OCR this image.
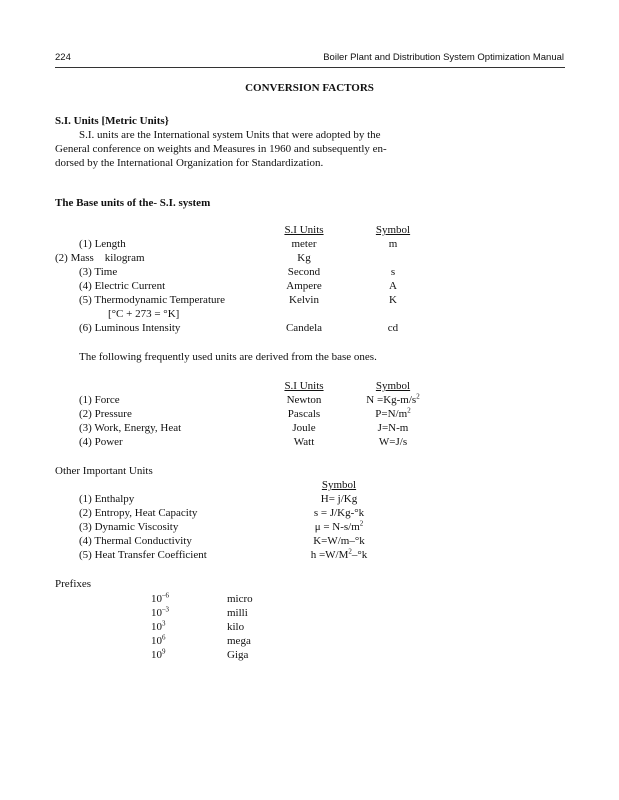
224	Boiler Plant and Distribution System Optimization Manual
CONVERSION FACTORS
S.I. Units [Metric Units}
S.I. units are the International system Units that were adopted by the
General conference on weights and Measures in 1960 and subsequently en-
dorsed by the International Organization for Standardization.
The Base units of the- S.I. system
S.I Units	Symbol
(1) Length	meter	m
(2) Mass    kilogram	Kg
(3) Time	Second	s
(4) Electric Current	Ampere	A
(5) Thermodynamic Temperature	Kelvin	K
[°C + 273 = °K]
(6) Luminous Intensity	Candela	cd
The following frequently used units are derived from the base ones.
S.I Units	Symbol
(1) Force	Newton	$N =Kg-m/s^2$
(2) Pressure	Pascals	$P=N/m^2$
(3) Work, Energy, Heat	Joule	J=N-m
(4) Power	Watt	W=J/s
Other Important Units
Symbol
(1) Enthalpy	H= j/Kg
(2) Entropy, Heat Capacity	s = J/Kg-°k
(3) Dynamic Viscosity	$\mu = N-s/m^2$
(4) Thermal Conductivity	K=W/m–°k
(5) Heat Transfer Coefficient	$h =W/M^2-^\circ k$
Prefixes
$10^{-6}$	micro
$10^{-3}$	milli
$10^3$	kilo
$10^6$	mega
$10^9$	Giga
